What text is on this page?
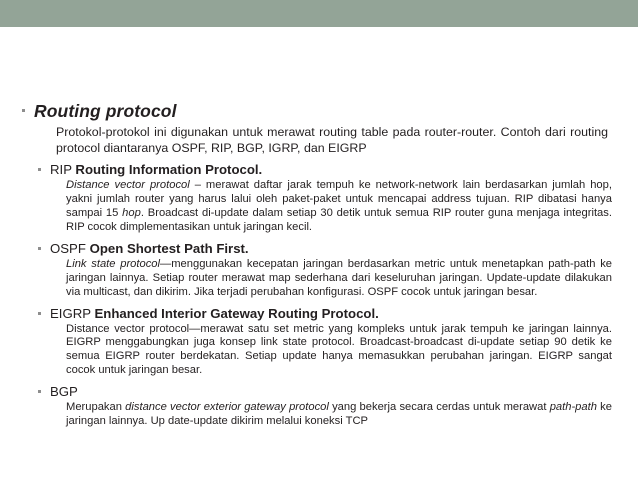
Routing protocol
Protokol-protokol ini digunakan untuk merawat routing table pada router-router. Contoh dari routing protocol diantaranya OSPF, RIP, BGP, IGRP, dan EIGRP
RIP Routing Information Protocol.
Distance vector protocol – merawat daftar jarak tempuh ke network-network lain berdasarkan jumlah hop, yakni jumlah router yang harus lalui oleh paket-paket untuk mencapai address tujuan. RIP dibatasi hanya sampai 15 hop. Broadcast di-update dalam setiap 30 detik untuk semua RIP router guna menjaga integritas. RIP cocok dimplementasikan untuk jaringan kecil.
OSPF Open Shortest Path First.
Link state protocol—menggunakan kecepatan jaringan berdasarkan metric untuk menetapkan path-path ke jaringan lainnya. Setiap router merawat map sederhana dari keseluruhan jaringan. Update-update dilakukan via multicast, dan dikirim. Jika terjadi perubahan konfigurasi. OSPF cocok untuk jaringan besar.
EIGRP Enhanced Interior Gateway Routing Protocol.
Distance vector protocol—merawat satu set metric yang kompleks untuk jarak tempuh ke jaringan lainnya. EIGRP menggabungkan juga konsep link state protocol. Broadcast-broadcast di-update setiap 90 detik ke semua EIGRP router berdekatan. Setiap update hanya memasukkan perubahan jaringan. EIGRP sangat cocok untuk jaringan besar.
BGP
Merupakan distance vector exterior gateway protocol yang bekerja secara cerdas untuk merawat path-path ke jaringan lainnya. Up date-update dikirim melalui koneksi TCP
